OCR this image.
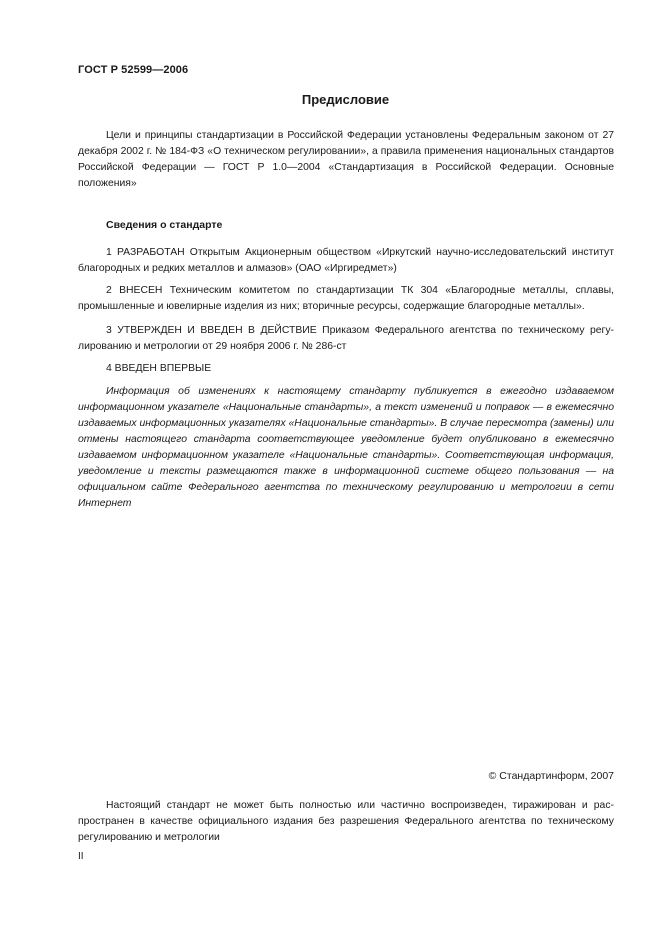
ГОСТ Р 52599—2006
Предисловие
Цели и принципы стандартизации в Российской Федерации установлены Федеральным законом от 27 декабря 2002 г. № 184-ФЗ «О техническом регулировании», а правила применения национальных стандартов Российской Федерации — ГОСТ Р 1.0—2004 «Стандартизация в Российской Федерации. Основные положения»
Сведения о стандарте
1 РАЗРАБОТАН Открытым Акционерным обществом «Иркутский научно-исследовательский институт благородных и редких металлов и алмазов» (ОАО «Иргиредмет»)
2 ВНЕСЕН Техническим комитетом по стандартизации ТК 304 «Благородные металлы, сплавы, промышленные и ювелирные изделия из них; вторичные ресурсы, содержащие благородные металлы».
3 УТВЕРЖДЕН И ВВЕДЕН В ДЕЙСТВИЕ Приказом Федерального агентства по техническому регулированию и метрологии от 29 ноября 2006 г. № 286-ст
4 ВВЕДЕН ВПЕРВЫЕ
Информация об изменениях к настоящему стандарту публикуется в ежегодно издаваемом информационном указателе «Национальные стандарты», а текст изменений и поправок — в ежемесячно издаваемых информационных указателях «Национальные стандарты». В случае пересмотра (замены) или отмены настоящего стандарта соответствующее уведомление будет опубликовано в ежемесячно издаваемом информационном указателе «Национальные стандарты». Соответствующая информация, уведомление и тексты размещаются также в информационной системе общего пользования — на официальном сайте Федерального агентства по техническому регулированию и метрологии в сети Интернет
© Стандартинформ, 2007
Настоящий стандарт не может быть полностью или частично воспроизведен, тиражирован и распространен в качестве официального издания без разрешения Федерального агентства по техническому регулированию и метрологии
II
